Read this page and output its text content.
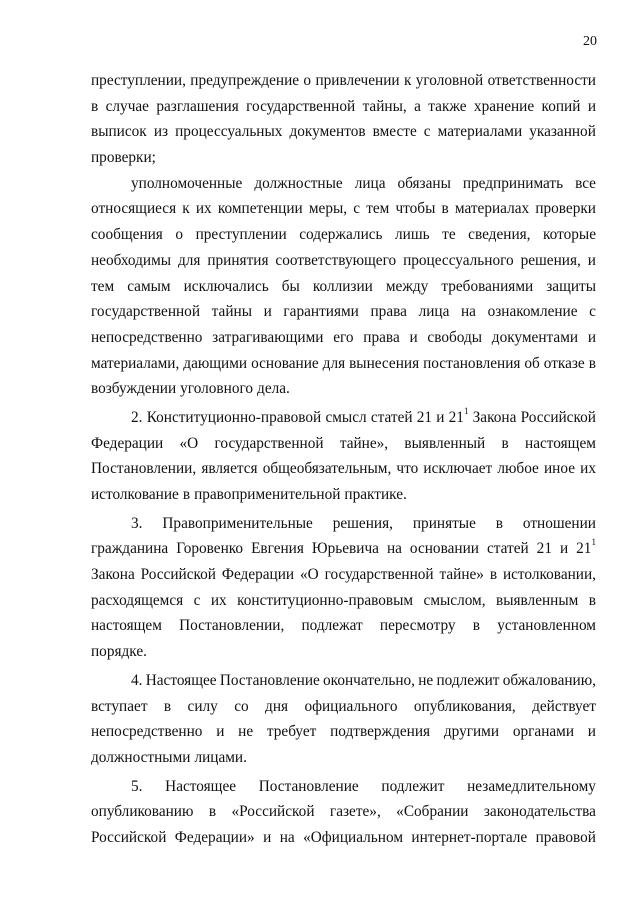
20
преступлении, предупреждение о привлечении к уголовной ответственности
в случае разглашения государственной тайны, а также хранение копий и
выписок из процессуальных документов вместе с материалами указанной
проверки;
уполномоченные должностные лица обязаны предпринимать все
относящиеся к их компетенции меры, с тем чтобы в материалах проверки
сообщения о преступлении содержались лишь те сведения, которые
необходимы для принятия соответствующего процессуального решения, и
тем самым исключались бы коллизии между требованиями защиты
государственной тайны и гарантиями права лица на ознакомление с
непосредственно затрагивающими его права и свободы документами и
материалами, дающими основание для вынесения постановления об отказе в
возбуждении уголовного дела.
2. Конституционно-правовой смысл статей 21 и $21^1$ Закона Российской
Федерации «О государственной тайне», выявленный в настоящем
Постановлении, является общеобязательным, что исключает любое иное их
истолкование в правоприменительной практике.
3. Правоприменительные решения, принятые в отношении
гражданина Горовенко Евгения Юрьевича на основании статей 21 и $21^1$
Закона Российской Федерации «О государственной тайне» в истолковании,
расходящемся с их конституционно-правовым смыслом, выявленным в
настоящем Постановлении, подлежат пересмотру в установленном
порядке.
4. Настоящее Постановление окончательно, не подлежит обжалованию,
вступает в силу со дня официального опубликования, действует
непосредственно и не требует подтверждения другими органами и
должностными лицами.
5. Настоящее Постановление подлежит незамедлительному
опубликованию в «Российской газете», «Собрании законодательства
Российской Федерации» и на «Официальном интернет-портале правовой
